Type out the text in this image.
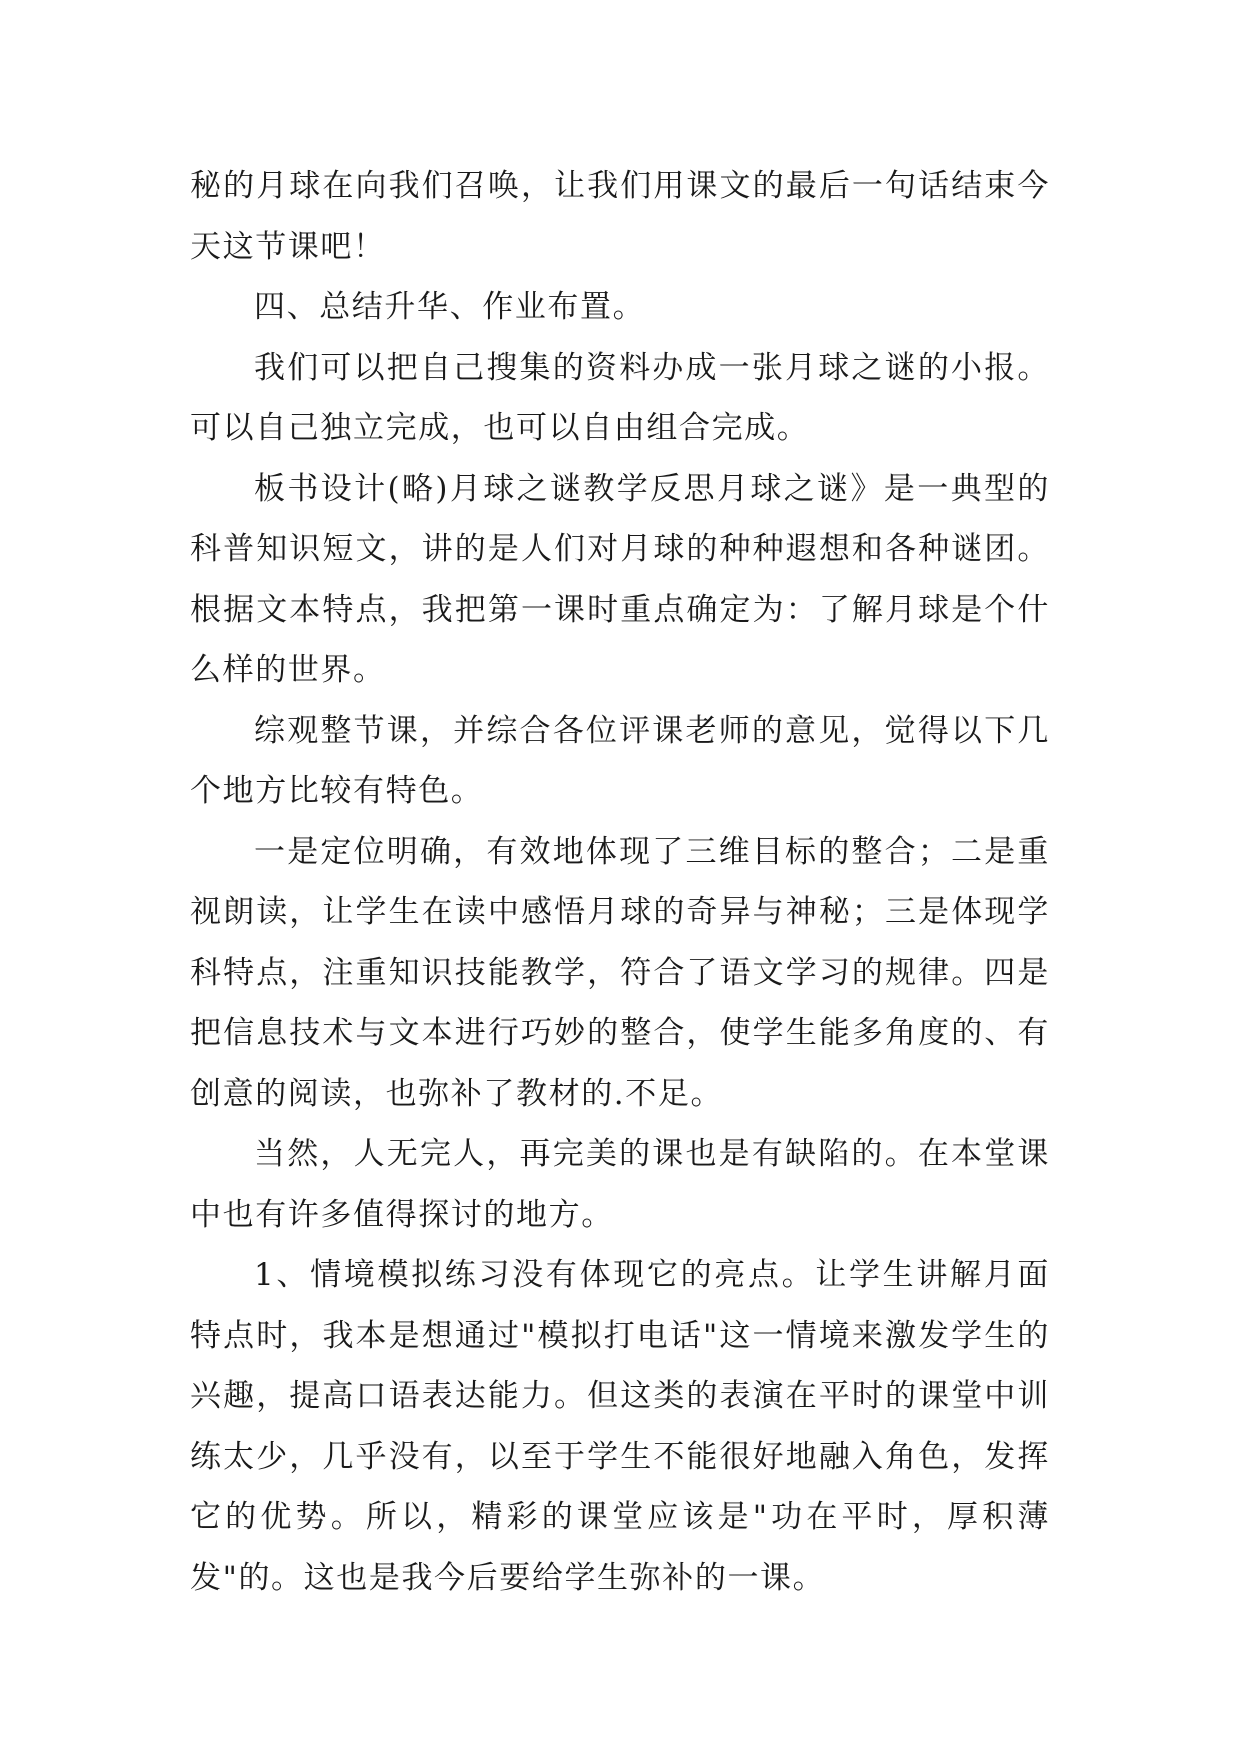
秘的月球在向我们召唤，让我们用课文的最后一句话结束今天这节课吧！

四、总结升华、作业布置。

我们可以把自己搜集的资料办成一张月球之谜的小报。可以自己独立完成，也可以自由组合完成。

板书设计(略)月球之谜教学反思月球之谜》是一典型的科普知识短文，讲的是人们对月球的种种遐想和各种谜团。根据文本特点，我把第一课时重点确定为：了解月球是个什么样的世界。

综观整节课，并综合各位评课老师的意见，觉得以下几个地方比较有特色。

一是定位明确，有效地体现了三维目标的整合；二是重视朗读，让学生在读中感悟月球的奇异与神秘；三是体现学科特点，注重知识技能教学，符合了语文学习的规律。四是把信息技术与文本进行巧妙的整合，使学生能多角度的、有创意的阅读，也弥补了教材的.不足。

当然，人无完人，再完美的课也是有缺陷的。在本堂课中也有许多值得探讨的地方。

1、情境模拟练习没有体现它的亮点。让学生讲解月面特点时，我本是想通过"模拟打电话"这一情境来激发学生的兴趣，提高口语表达能力。但这类的表演在平时的课堂中训练太少，几乎没有，以至于学生不能很好地融入角色，发挥它的优势。所以，精彩的课堂应该是"功在平时，厚积薄发"的。这也是我今后要给学生弥补的一课。
